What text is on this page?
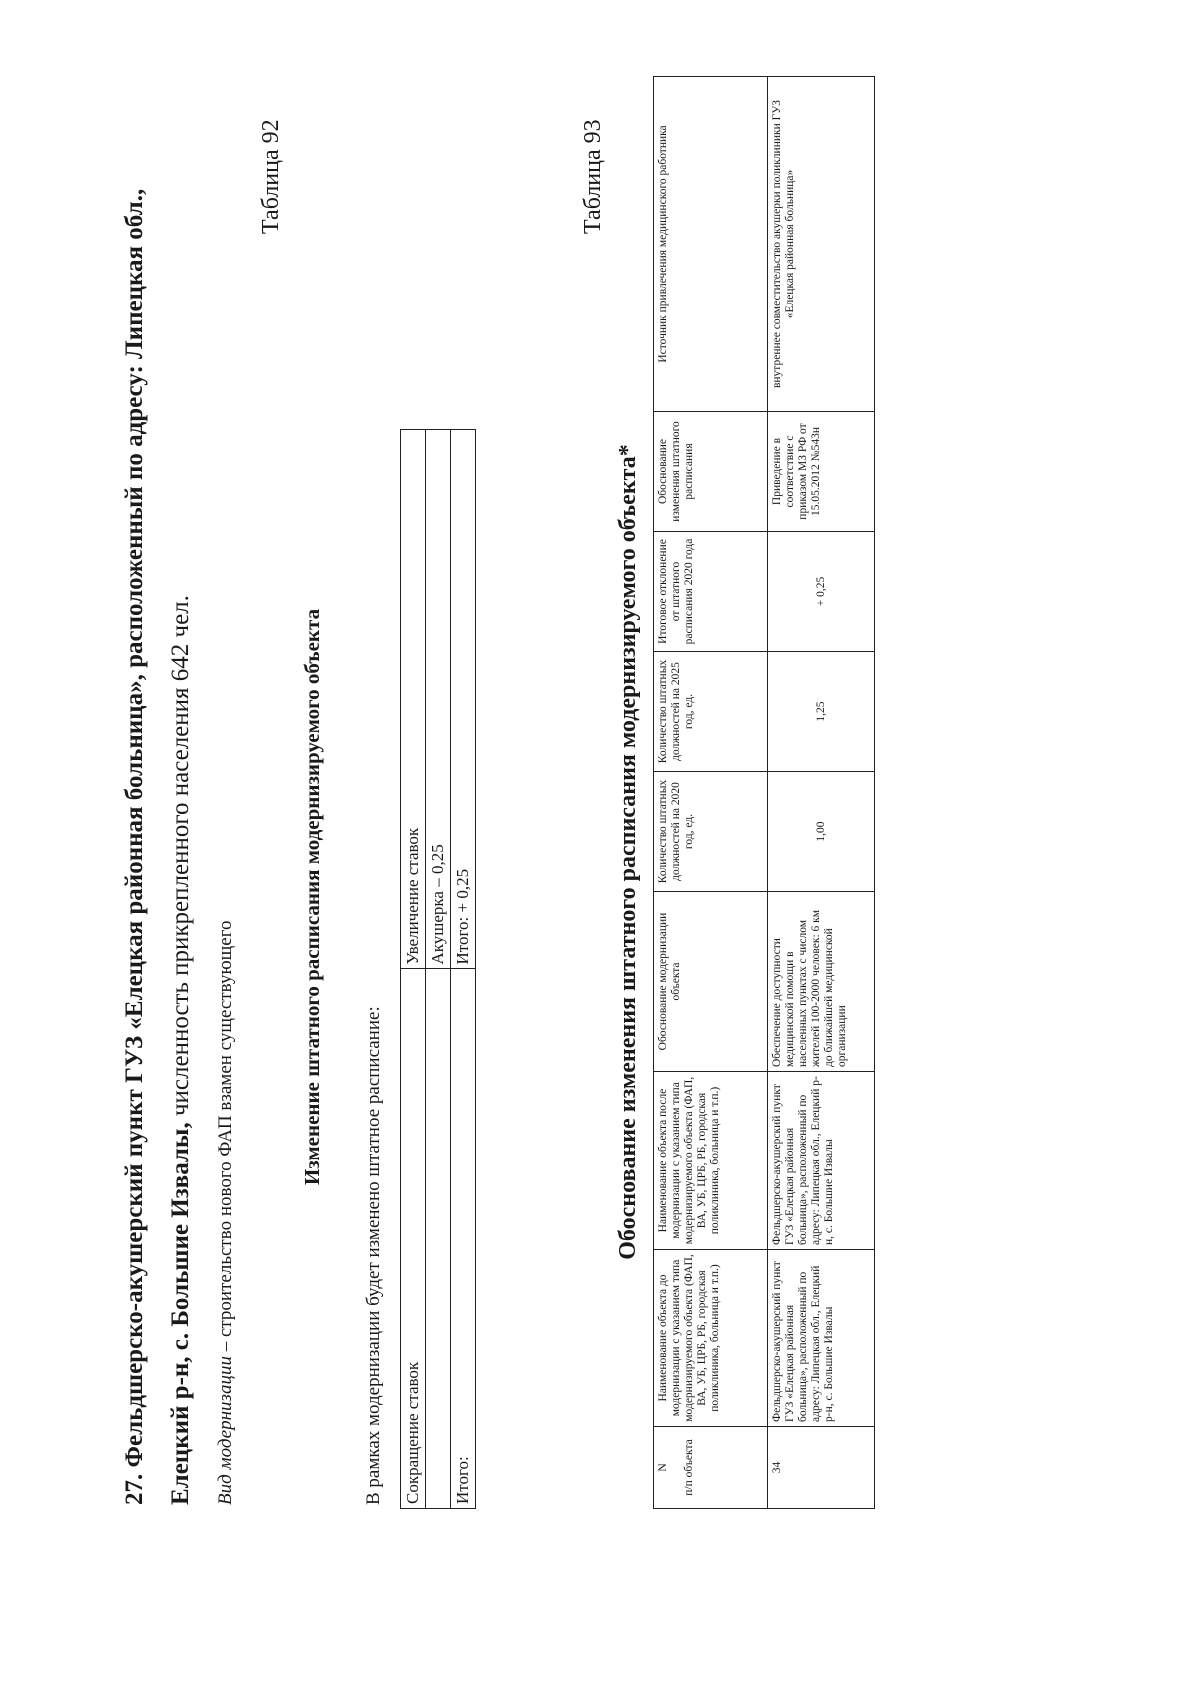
27. Фельдшерско-акушерский пункт ГУЗ «Елецкая районная больница», расположенный по адресу: Липецкая обл., Елецкий р-н, с. Большие Извалы, численность прикрепленного населения 642 чел.
Вид модернизации – строительство нового ФАП взамен существующего
Таблица 92
Изменение штатного расписания модернизируемого объекта
В рамках модернизации будет изменено штатное расписание: Сокращение ставок	Увеличение ставок
	Акушерка – 0,25
Итого:	Итого: + 0,25
Таблица 93
Обоснование изменения штатного расписания модернизируемого объекта*
N

п/п объекта	Наименование объекта до модернизации с указанием типа модернизируемого объекта (ФАП, ВА, УБ, ЦРБ, РБ, городская поликлиника, больница и т.п.)	Наименование объекта после модернизации с указанием типа модернизируемого объекта (ФАП, ВА, УБ, ЦРБ, РБ, городская поликлиника, больница и т.п.)	Обоснование модернизации объекта	Количество штатных должностей на 2020 год, ед.	Количество штатных должностей на 2025 год, ед.	Итоговое отклонение от штатного расписания 2020 года	Обоснование изменения штатного расписания	Источник привлечения медицинского работника
34	Фельдшерско-акушерский пункт ГУЗ «Елецкая районная больница», расположенный по адресу: Липецкая обл., Елецкий р-н, с. Большие Извалы	Фельдшерско-акушерский пункт ГУЗ «Елецкая районная больница», расположенный по адресу: Липецкая обл., Елецкий р-н, с. Большие Извалы	Обеспечение доступности медицинской помощи в населенных пунктах с числом жителей 100-2000 человек: 6 км до ближайшей медицинской организации	1,00	1,25	+ 0,25	Приведение в соответствие с приказом МЗ РФ от 15.05.2012 №543н	внутреннее совместительство акушерки поликлиники ГУЗ «Елецкая районная больница»
